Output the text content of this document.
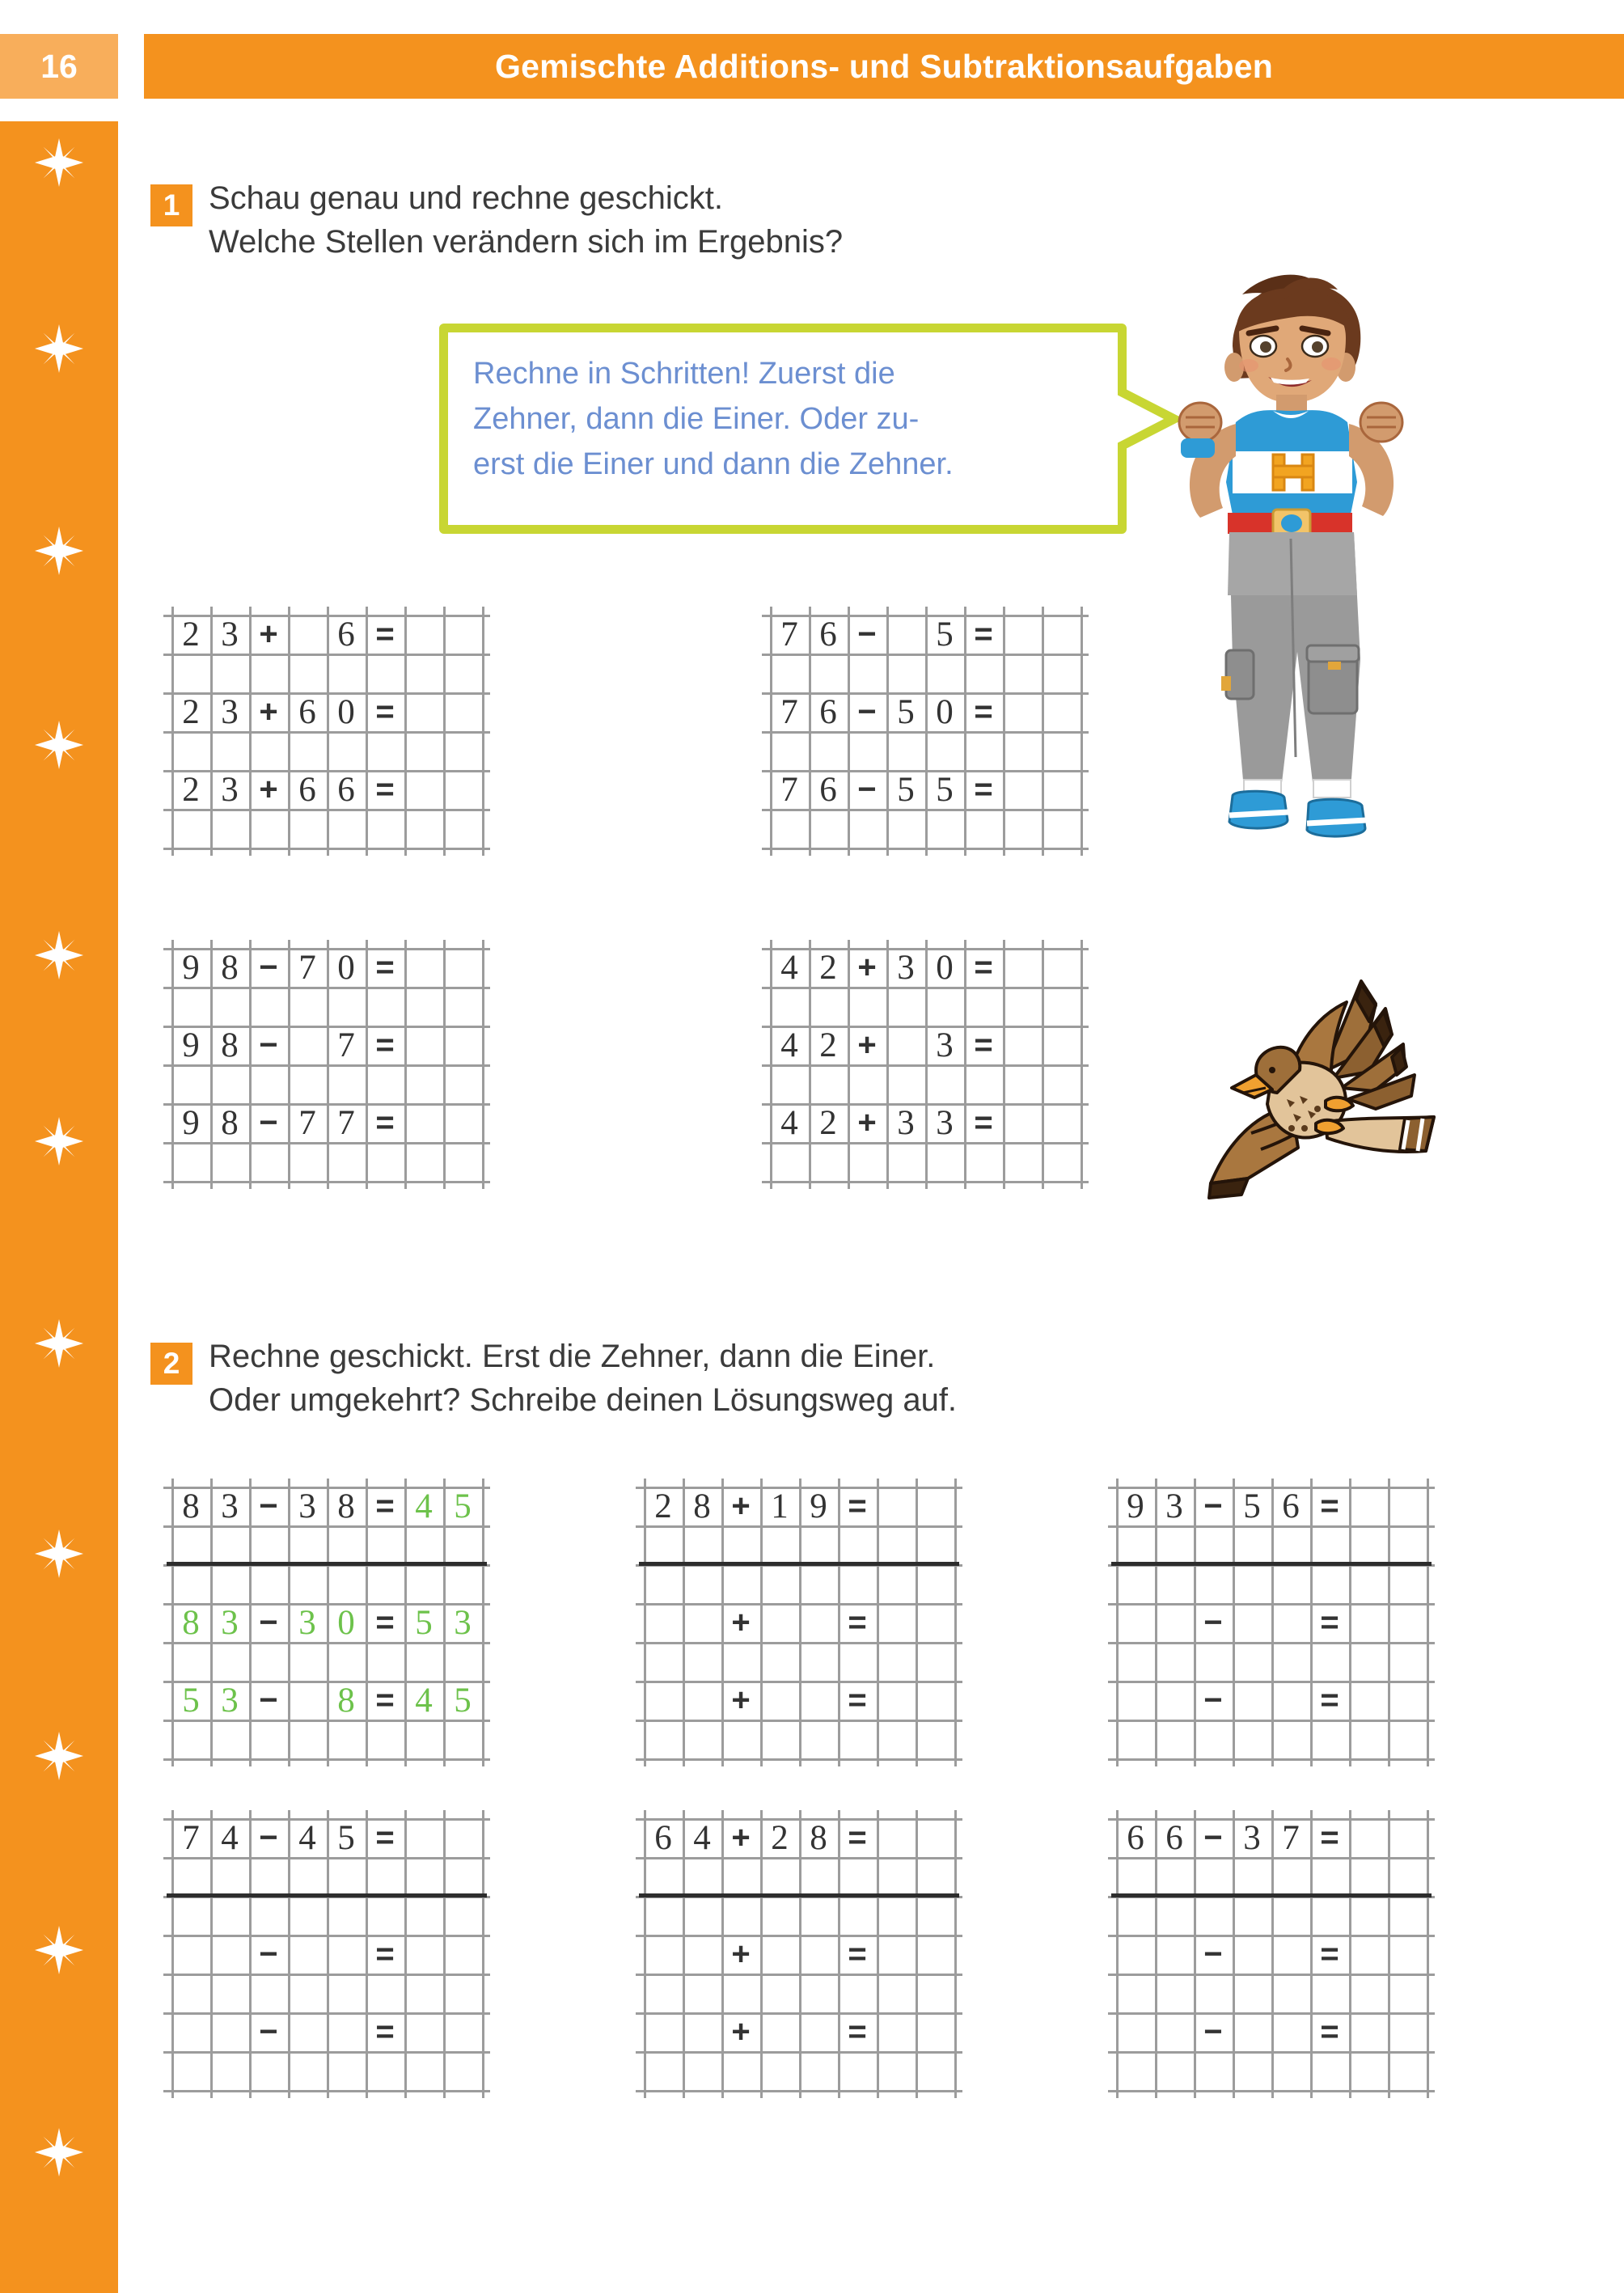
16	Gemischte Additions- und Subtraktionsaufgaben
1 Schau genau und rechne geschickt.
Welche Stellen verändern sich im Ergebnis?
Rechne in Schritten! Zuerst die
Zehner, dann die Einer. Oder zu-
erst die Einer und dann die Zehner.
2 Rechne geschickt. Erst die Zehner, dann die Einer.
Oder umgekehrt? Schreibe deinen Lösungsweg auf.
2 3 +	6 =
2 3 + 6 0 =
2 3 + 6 6 =
7 6 −	5 =
7 6 − 5 0 =
7 6 − 5 5 =
9 8 − 7 0 =
9 8 −	7 =
9 8 − 7 7 =
4 2 + 3 0 =
4 2 +	3 =
4 2 + 3 3 =
8 3 − 3 8 = 4 5
8 3 − 3 0 = 5 3
5 3 −	8 = 4 5
2 8 + 1 9 =
+	=
+	=
9 3 − 5 6 =
−	=
−	=
7 4 − 4 5 =
−	=
−	=
6 4 + 2 8 =
+	=
+	=
6 6 − 3 7 =
−	=
−	=
